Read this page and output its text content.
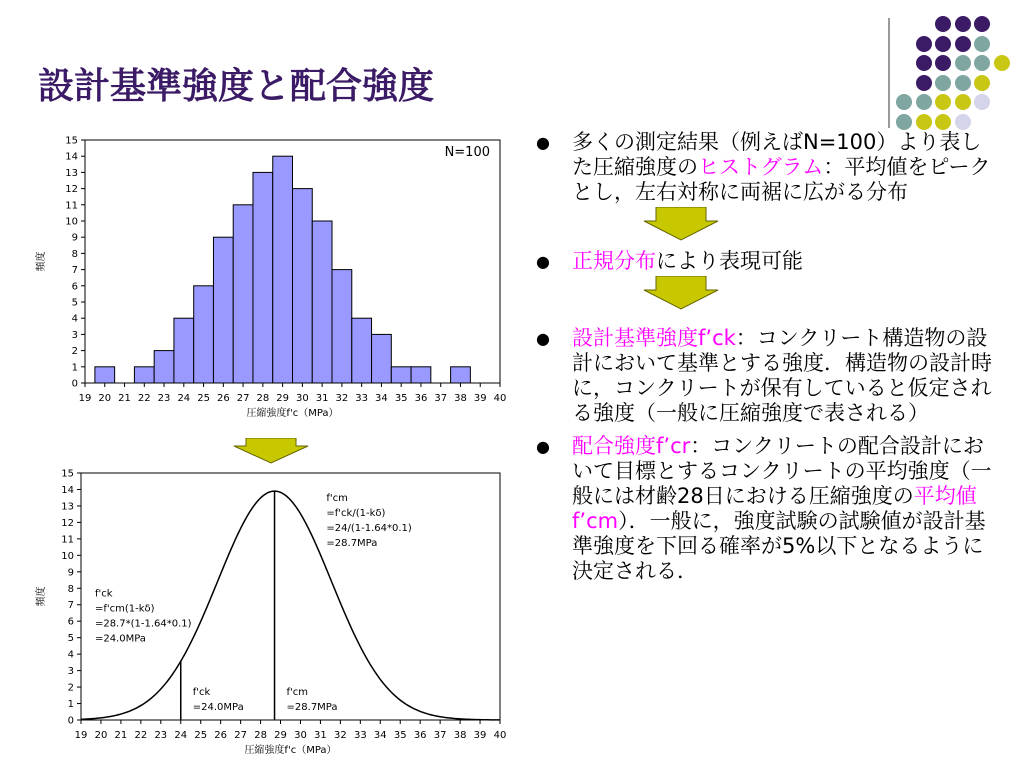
設計基準強度と配合強度
0
1
2
3
4
5
6
7
8
9
10
11
12
13
14
15
19 20 21 22 23 24 25 26 27 28 29 30 31 32 33 34 35 36 37 38 39 40
圧縮強度f'c（MPa）
頻度
N=100
0
1
2
3
4
5
6
7
8
9
10
11
12
13
14
15
19 20 21 22 23 24 25 26 27 28 29 30 31 32 33 34 35 36 37 38 39 40
圧縮強度f'c（MPa）
頻度
f'ck
=24.0MPa
f'cm
=28.7MPa
f'cm
=f'ck/(1-kδ)
=24/(1-1.64*0.1)
=28.7MPa
f'ck
=f'cm(1-kδ)
=28.7*(1-1.64*0.1)
=24.0MPa

● 多くの測定結果（例えばN=100）より表した圧縮強度のヒストグラム：平均値をピークとし，左右対称に両裾に広がる分布

● 正規分布により表現可能

● 設計基準強度f’ck：コンクリート構造物の設計において基準とする強度．構造物の設計時に，コンクリートが保有していると仮定される強度（一般に圧縮強度で表される）

● 配合強度f’cr：コンクリートの配合設計において目標とするコンクリートの平均強度（一般には材齢28日における圧縮強度の平均値f’cm）．一般に，強度試験の試験値が設計基準強度を下回る確率が5%以下となるように決定される．
